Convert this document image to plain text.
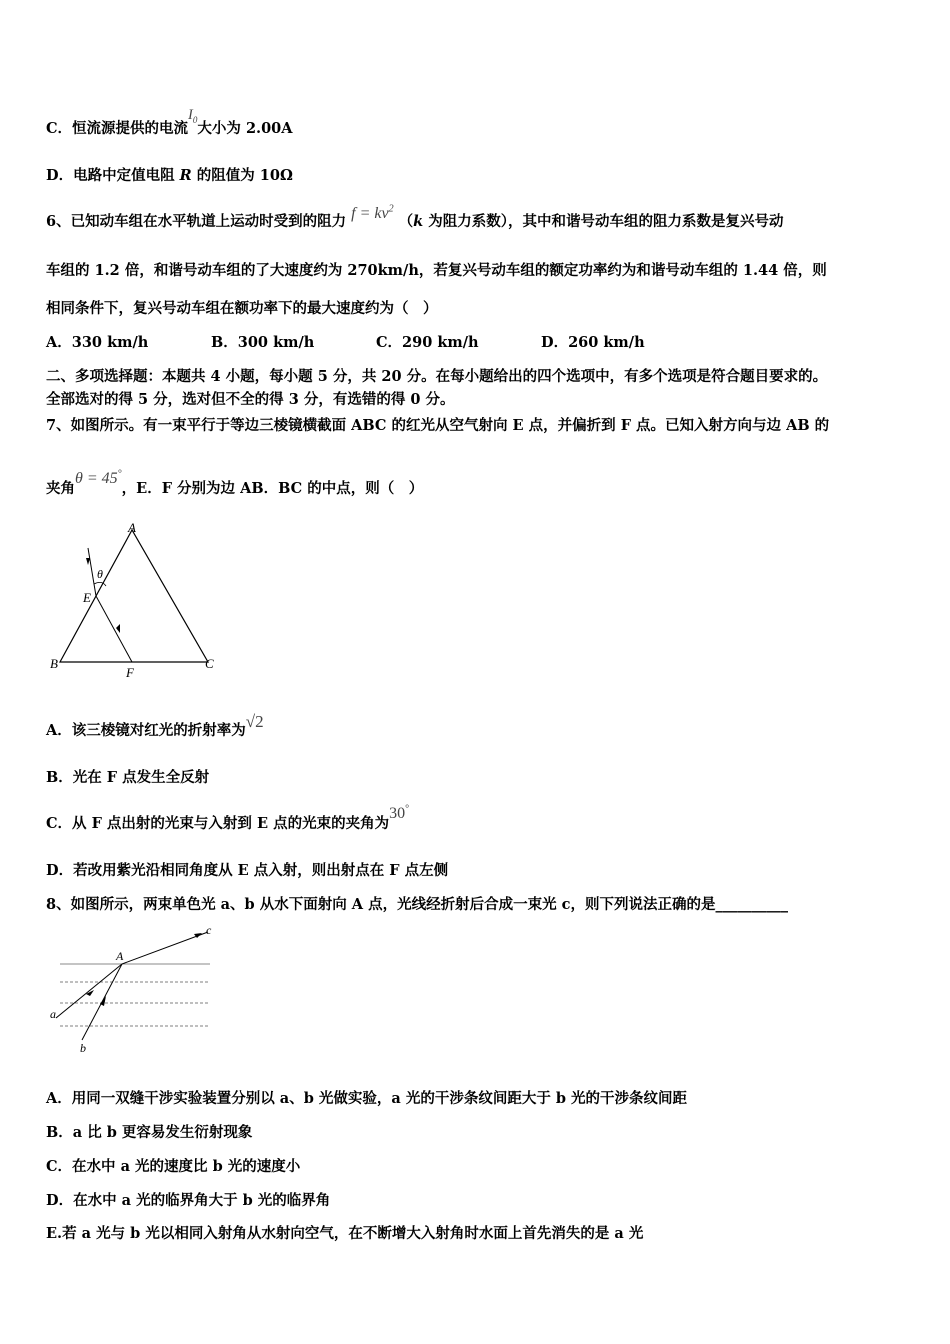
C．恒流源提供的电流$I_0$大小为 2.00A
D．电路中定值电阻 R 的阻值为 10Ω
6、已知动车组在水平轨道上运动时受到的阻力 $f = kv^2$ （k 为阻力系数），其中和谐号动车组的阻力系数是复兴号动
车组的 1.2 倍，和谐号动车组的了大速度约为 270km/h，若复兴号动车组的额定功率约为和谐号动车组的 1.44 倍，则
相同条件下，复兴号动车组在额功率下的最大速度约为（　）
A．330 km/h	B．300 km/h	C．290 km/h	D．260 km/h
二、多项选择题：本题共 4 小题，每小题 5 分，共 20 分。在每小题给出的四个选项中，有多个选项是符合题目要求的。
全部选对的得 5 分，选对但不全的得 3 分，有选错的得 0 分。
7、如图所示。有一束平行于等边三棱镜横截面 ABC 的红光从空气射向 E 点，并偏折到 F 点。已知入射方向与边 AB 的
夹角θ = 45°，E．F 分别为边 AB．BC 的中点，则（　）
A
B	C
E
F
θ
A．该三棱镜对红光的折射率为√2
B．光在 F 点发生全反射
C．从 F 点出射的光束与入射到 E 点的光束的夹角为30°
D．若改用紫光沿相同角度从 E 点入射，则出射点在 F 点左侧
8、如图所示，两束单色光 a、b 从水下面射向 A 点，光线经折射后合成一束光 c，则下列说法正确的是__________
A
a
b
c
A．用同一双缝干涉实验装置分别以 a、b 光做实验，a 光的干涉条纹间距大于 b 光的干涉条纹间距
B．a 比 b 更容易发生衍射现象
C．在水中 a 光的速度比 b 光的速度小
D．在水中 a 光的临界角大于 b 光的临界角
E.若 a 光与 b 光以相同入射角从水射向空气，在不断增大入射角时水面上首先消失的是 a 光
